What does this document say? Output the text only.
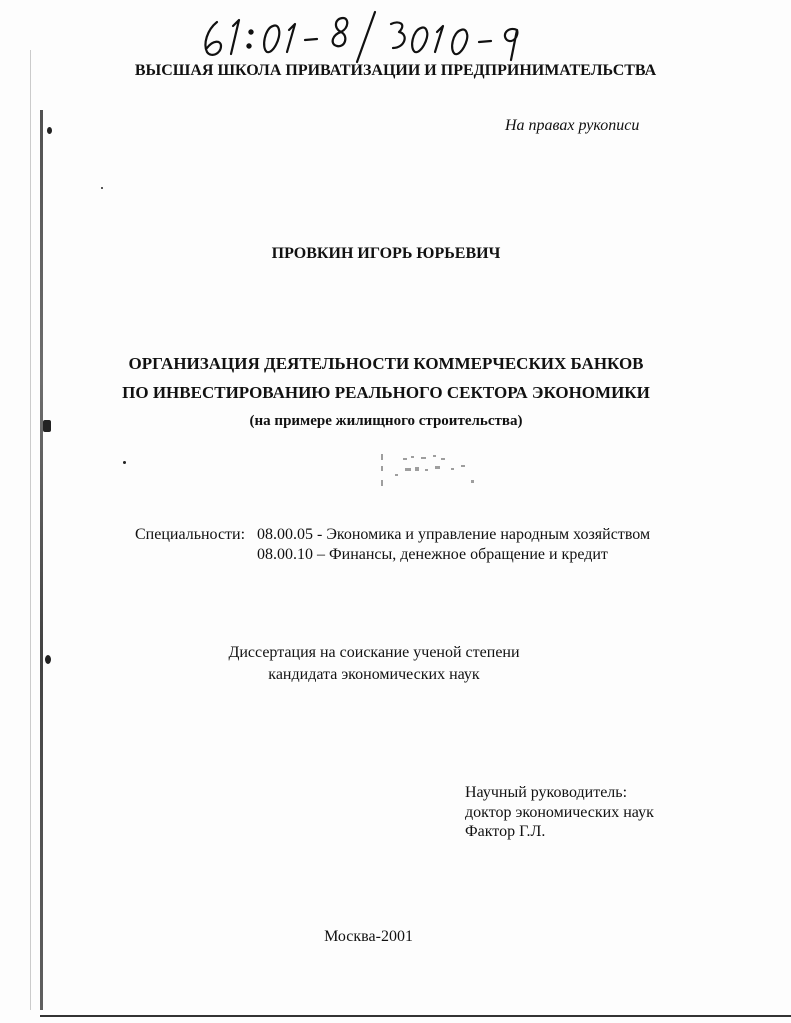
ВЫСШАЯ ШКОЛА ПРИВАТИЗАЦИИ И ПРЕДПРИНИМАТЕЛЬСТВА
На правах рукописи
ПРОВКИН ИГОРЬ ЮРЬЕВИЧ
ОРГАНИЗАЦИЯ ДЕЯТЕЛЬНОСТИ КОММЕРЧЕСКИХ БАНКОВ
ПО ИНВЕСТИРОВАНИЮ РЕАЛЬНОГО СЕКТОРА ЭКОНОМИКИ
(на примере жилищного строительства)
Специальности: 08.00.05 - Экономика и управление народным хозяйством
08.00.10 – Финансы, денежное обращение и кредит
Диссертация на соискание ученой степени
кандидата экономических наук
Научный руководитель:
доктор экономических наук
Фактор Г.Л.
Москва-2001
